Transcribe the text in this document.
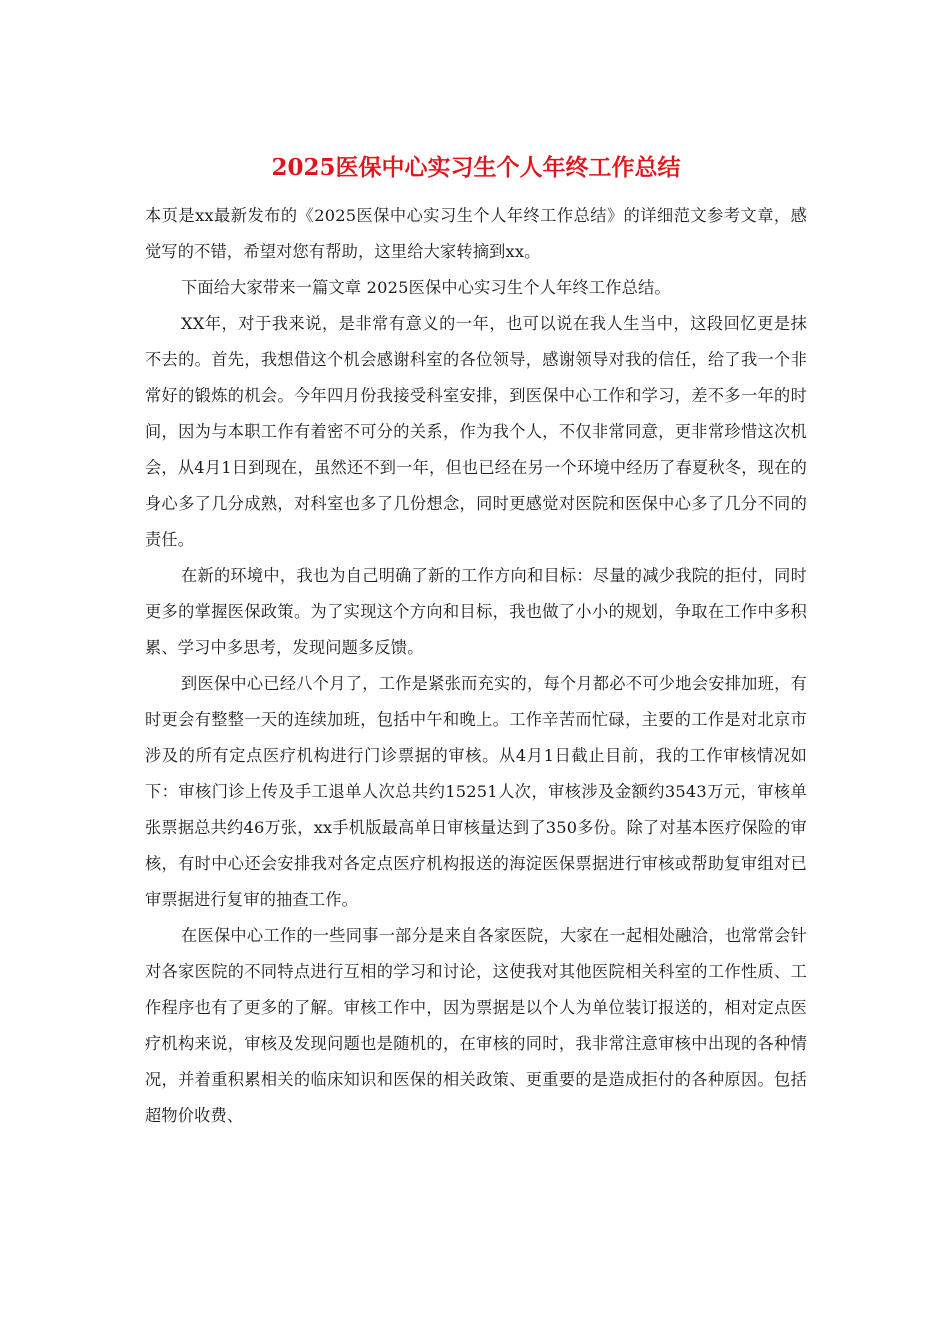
2025医保中心实习生个人年终工作总结

本页是xx最新发布的《2025医保中心实习生个人年终工作总结》的详细范文参考文章，感觉写的不错，希望对您有帮助，这里给大家转摘到xx。

下面给大家带来一篇文章 2025医保中心实习生个人年终工作总结。

XX年，对于我来说，是非常有意义的一年，也可以说在我人生当中，这段回忆更是抹不去的。首先，我想借这个机会感谢科室的各位领导，感谢领导对我的信任，给了我一个非常好的锻炼的机会。今年四月份我接受科室安排，到医保中心工作和学习，差不多一年的时间，因为与本职工作有着密不可分的关系，作为我个人，不仅非常同意，更非常珍惜这次机会，从4月1日到现在，虽然还不到一年，但也已经在另一个环境中经历了春夏秋冬，现在的身心多了几分成熟，对科室也多了几份想念，同时更感觉对医院和医保中心多了几分不同的责任。

在新的环境中，我也为自己明确了新的工作方向和目标：尽量的减少我院的拒付，同时更多的掌握医保政策。为了实现这个方向和目标，我也做了小小的规划，争取在工作中多积累、学习中多思考，发现问题多反馈。

到医保中心已经八个月了，工作是紧张而充实的，每个月都必不可少地会安排加班，有时更会有整整一天的连续加班，包括中午和晚上。工作辛苦而忙碌，主要的工作是对北京市涉及的所有定点医疗机构进行门诊票据的审核。从4月1日截止目前，我的工作审核情况如下：审核门诊上传及手工退单人次总共约15251人次，审核涉及金额约3543万元，审核单张票据总共约46万张，xx手机版最高单日审核量达到了350多份。除了对基本医疗保险的审核，有时中心还会安排我对各定点医疗机构报送的海淀医保票据进行审核或帮助复审组对已审票据进行复审的抽查工作。

在医保中心工作的一些同事一部分是来自各家医院，大家在一起相处融洽，也常常会针对各家医院的不同特点进行互相的学习和讨论，这使我对其他医院相关科室的工作性质、工作程序也有了更多的了解。审核工作中，因为票据是以个人为单位装订报送的，相对定点医疗机构来说，审核及发现问题也是随机的，在审核的同时，我非常注意审核中出现的各种情况，并着重积累相关的临床知识和医保的相关政策、更重要的是造成拒付的各种原因。包括超物价收费、
